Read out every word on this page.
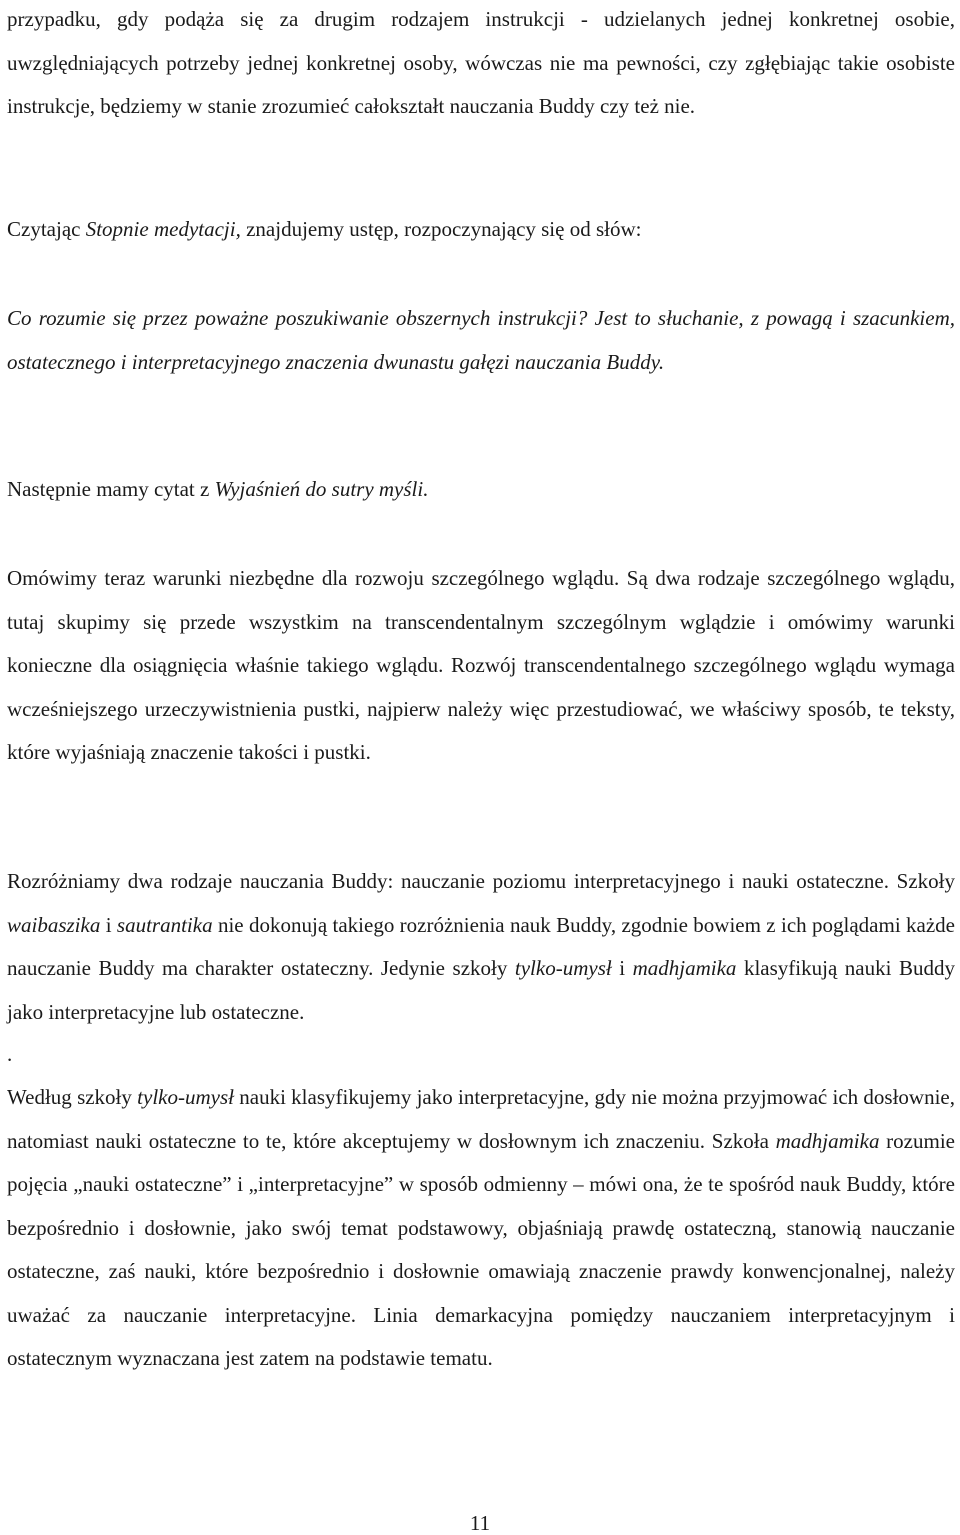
przypadku, gdy podąża się za drugim rodzajem instrukcji - udzielanych jednej konkretnej osobie, uwzględniających potrzeby jednej konkretnej osoby, wówczas nie ma pewności, czy zgłębiając takie osobiste instrukcje, będziemy w stanie zrozumieć całokształt nauczania Buddy czy też nie.

Czytając Stopnie medytacji, znajdujemy ustęp, rozpoczynający się od słów:

Co rozumie się przez poważne poszukiwanie obszernych instrukcji? Jest to słuchanie, z powagą i szacunkiem, ostatecznego i interpretacyjnego znaczenia dwunastu gałęzi nauczania Buddy.

Następnie mamy cytat z Wyjaśnień do sutry myśli.

Omówimy teraz warunki niezbędne dla rozwoju szczególnego wglądu. Są dwa rodzaje szczególnego wglądu, tutaj skupimy się przede wszystkim na transcendentalnym szczególnym wglądzie i omówimy warunki konieczne dla osiągnięcia właśnie takiego wglądu. Rozwój transcendentalnego szczególnego wglądu wymaga wcześniejszego urzeczywistnienia pustki, najpierw należy więc przestudiować, we właściwy sposób, te teksty, które wyjaśniają znaczenie takości i pustki.

Rozróżniamy dwa rodzaje nauczania Buddy: nauczanie poziomu interpretacyjnego i nauki ostateczne. Szkoły waibaszika i sautrantika nie dokonują takiego rozróżnienia nauk Buddy, zgodnie bowiem z ich poglądami każde nauczanie Buddy ma charakter ostateczny. Jedynie szkoły tylko-umysł i madhjamika klasyfikują nauki Buddy jako interpretacyjne lub ostateczne.

.

Według szkoły tylko-umysł nauki klasyfikujemy jako interpretacyjne, gdy nie można przyjmować ich dosłownie, natomiast nauki ostateczne to te, które akceptujemy w dosłownym ich znaczeniu. Szkoła madhjamika rozumie pojęcia „nauki ostateczne” i „interpretacyjne” w sposób odmienny – mówi ona, że te spośród nauk Buddy, które bezpośrednio i dosłownie, jako swój temat podstawowy, objaśniają prawdę ostateczną, stanowią nauczanie ostateczne, zaś nauki, które bezpośrednio i dosłownie omawiają znaczenie prawdy konwencjonalnej, należy uważać za nauczanie interpretacyjne. Linia demarkacyjna pomiędzy nauczaniem interpretacyjnym i ostatecznym wyznaczana jest zatem na podstawie tematu.

11
